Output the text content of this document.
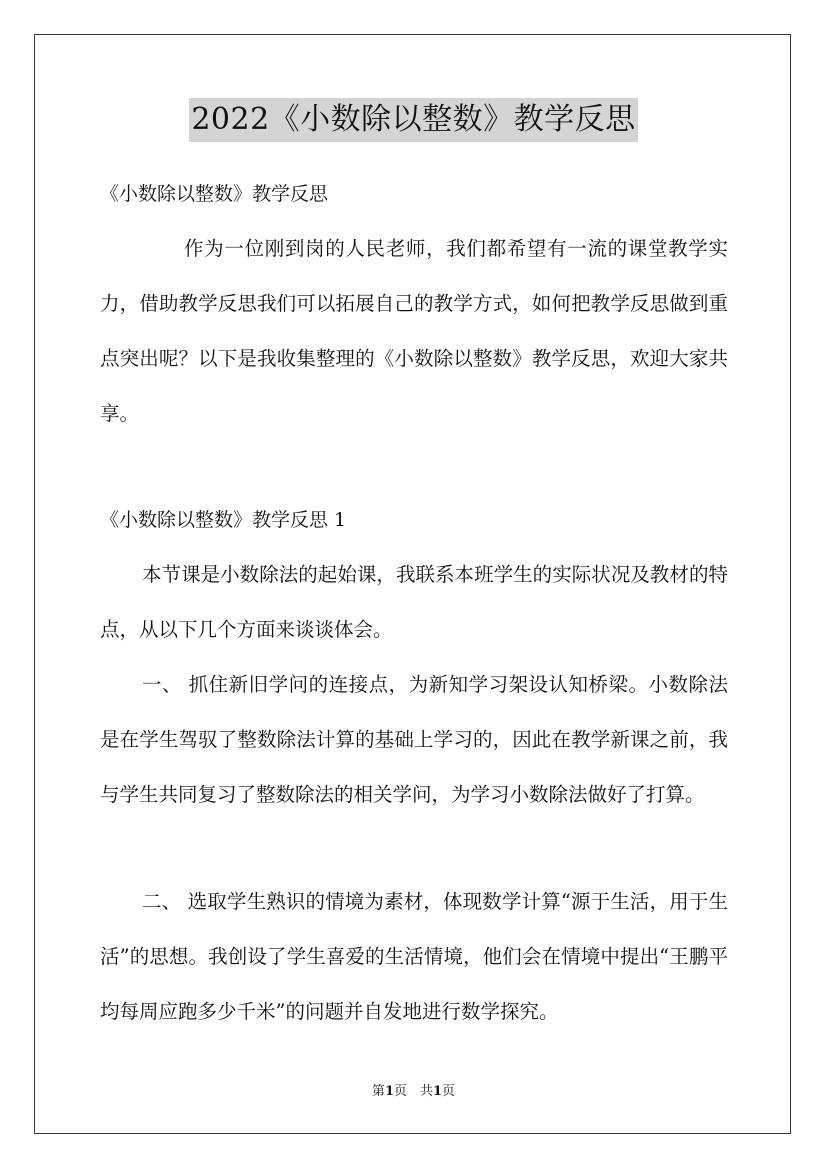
2022《小数除以整数》教学反思
《小数除以整数》教学反思

作为一位刚到岗的人民老师，我们都希望有一流的课堂教学实力，借助教学反思我们可以拓展自己的教学方式，如何把教学反思做到重点突出呢？以下是我收集整理的《小数除以整数》教学反思，欢迎大家共享。

《小数除以整数》教学反思 1

本节课是小数除法的起始课，我联系本班学生的实际状况及教材的特点，从以下几个方面来谈谈体会。

一、 抓住新旧学问的连接点，为新知学习架设认知桥梁。小数除法是在学生驾驭了整数除法计算的基础上学习的，因此在教学新课之前，我与学生共同复习了整数除法的相关学问，为学习小数除法做好了打算。

二、 选取学生熟识的情境为素材，体现数学计算“源于生活，用于生活”的思想。我创设了学生喜爱的生活情境，他们会在情境中提出“王鹏平均每周应跑多少千米”的问题并自发地进行数学探究。

第1页　共1页
